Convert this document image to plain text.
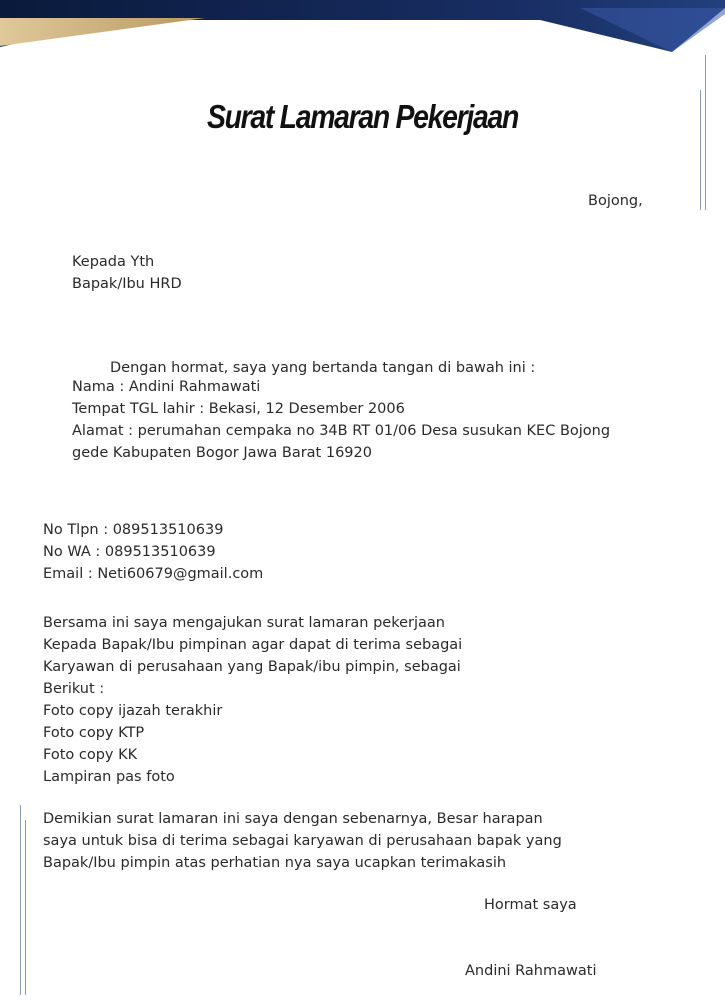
Surat Lamaran Pekerjaan
Bojong,
Kepada Yth
Bapak/Ibu HRD
Dengan hormat, saya yang bertanda tangan di bawah ini :
Nama : Andini Rahmawati
Tempat TGL lahir : Bekasi, 12 Desember 2006
Alamat : perumahan cempaka no 34B RT 01/06 Desa susukan KEC Bojong
gede Kabupaten Bogor Jawa Barat 16920
No Tlpn : 089513510639
No WA : 089513510639
Email : Neti60679@gmail.com
Bersama ini saya mengajukan surat lamaran pekerjaan
Kepada Bapak/Ibu pimpinan agar dapat di terima sebagai
Karyawan di perusahaan yang Bapak/ibu pimpin, sebagai
Berikut :
Foto copy ijazah terakhir
Foto copy KTP
Foto copy KK
Lampiran pas foto
Demikian surat lamaran ini saya dengan sebenarnya, Besar harapan
saya untuk bisa di terima sebagai karyawan di perusahaan bapak yang
Bapak/Ibu pimpin atas perhatian nya saya ucapkan terimakasih
Hormat saya
Andini Rahmawati
